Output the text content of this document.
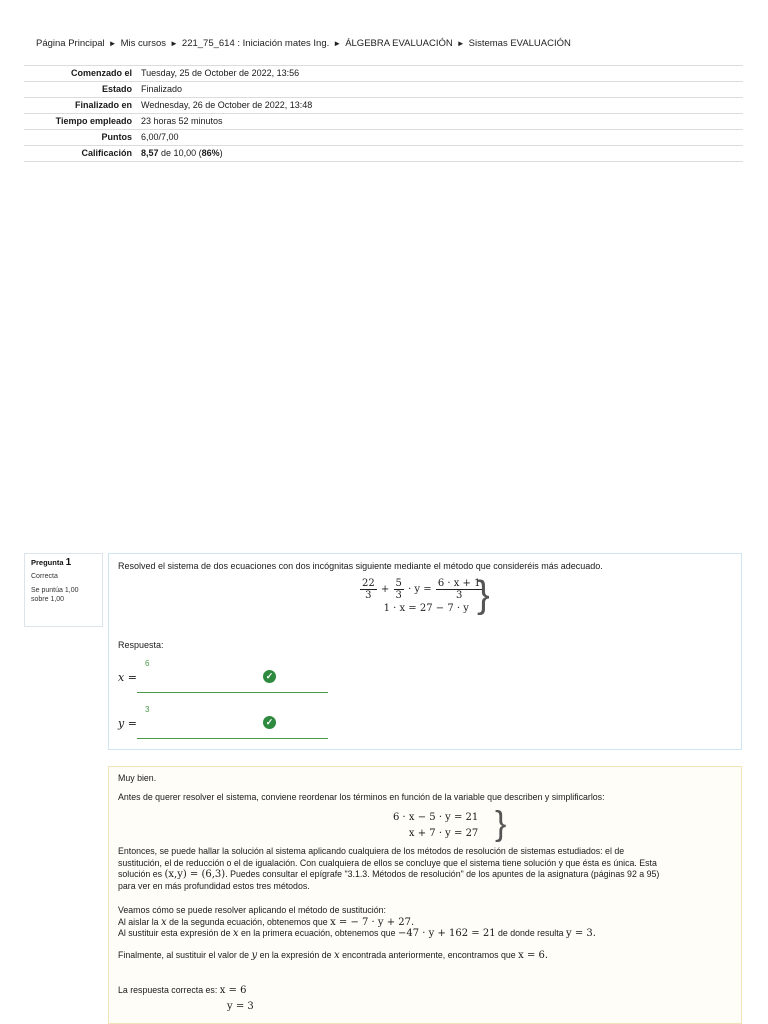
Página Principal ► Mis cursos ► 221_75_614 : Iniciación mates Ing. ► ÁLGEBRA EVALUACIÓN ► Sistemas EVALUACIÓN
Comenzado el	Tuesday, 25 de October de 2022, 13:56
Estado	Finalizado
Finalizado en	Wednesday, 26 de October de 2022, 13:48
Tiempo empleado	23 horas 52 minutos
Puntos	6,00/7,00
Calificación	8,57 de 10,00 (86%)
Pregunta 1
Correcta
Se puntúa 1,00
sobre 1,00
Resolved el sistema de dos ecuaciones con dos incógnitas siguiente mediante el método que consideréis más adecuado.
$\frac{22}{3} + \frac{5}{3} \cdot y = \frac{6 \cdot x + 1}{3}$
1 · x = 27 − 7 · y }
Respuesta:
x =
6
✓
y =
3
✓
Muy bien.
Antes de querer resolver el sistema, conviene reordenar los términos en función de la variable que describen y simplificarlos:
6 · x − 5 · y = 21
x + 7 · y = 27 }
Entonces, se puede hallar la solución al sistema aplicando cualquiera de los métodos de resolución de sistemas estudiados: el de
sustitución, el de reducción o el de igualación. Con cualquiera de ellos se concluye que el sistema tiene solución y que ésta es única. Esta
solución es (x,y) = (6,3). Puedes consultar el epígrafe "3.1.3. Métodos de resolución" de los apuntes de la asignatura (páginas 92 a 95)
para ver en más profundidad estos tres métodos.
Veamos cómo se puede resolver aplicando el método de sustitución:
Al aislar la x de la segunda ecuación, obtenemos que x = − 7 · y + 27.
Al sustituir esta expresión de x en la primera ecuación, obtenemos que −47 · y + 162 = 21 de donde resulta y = 3.
Finalmente, al sustituir el valor de y en la expresión de x encontrada anteriormente, encontramos que x = 6.
La respuesta correcta es: x = 6
y = 3
